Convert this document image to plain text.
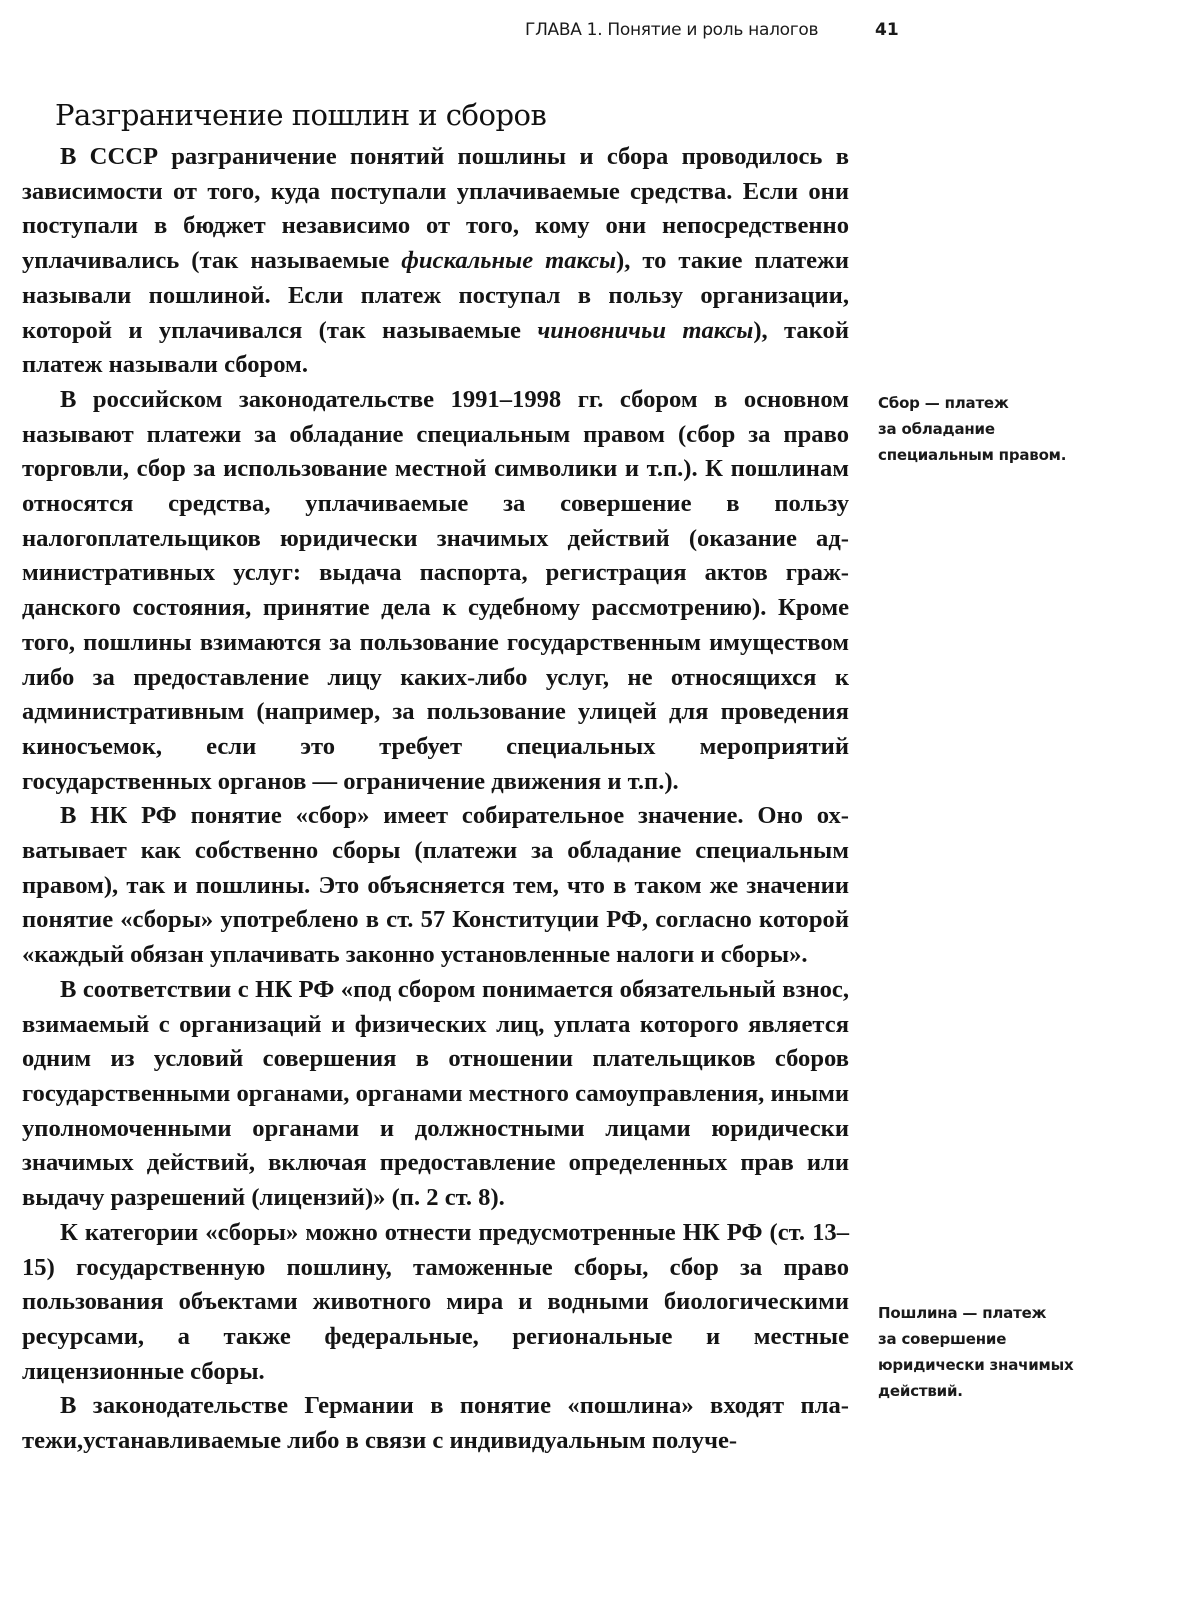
ГЛАВА 1. Понятие и роль налогов	41
Разграничение пошлин и сборов

В СССР разграничение понятий пошлины и сбора проводилось в зависимости от того, куда поступали уплачиваемые средства. Если они поступали в бюджет независимо от того, кому они непосредственно уплачивались (так называемые фискальные таксы), то такие платежи называли пошлиной. Если платеж поступал в пользу организации, которой и уплачивался (так называемые чиновничьи таксы), такой платеж называли сбором.

В российском законодательстве 1991–1998 гг. сбором в основном называют платежи за обладание специальным правом (сбор за право торговли, сбор за использование местной символики и т.п.). К пошлинам относятся средства, уплачиваемые за совершение в пользу налогоплательщиков юридически значимых действий (оказание административных услуг: выдача паспорта, регистрация актов гражданского состояния, принятие дела к судебному рассмотрению). Кроме того, пошлины взимаются за пользование государственным имуществом либо за предоставление лицу каких-либо услуг, не относящихся к административным (например, за пользование улицей для проведения киносъемок, если это требует специальных мероприятий государственных органов — ограничение движения и т.п.).

В НК РФ понятие «сбор» имеет собирательное значение. Оно охватывает как собственно сборы (платежи за обладание специальным правом), так и пошлины. Это объясняется тем, что в таком же значении понятие «сборы» употреблено в ст. 57 Конституции РФ, согласно которой «каждый обязан уплачивать законно установленные налоги и сборы».

В соответствии с НК РФ «под сбором понимается обязательный взнос, взимаемый с организаций и физических лиц, уплата которого является одним из условий совершения в отношении плательщиков сборов государственными органами, органами местного самоуправления, иными уполномоченными органами и должностными лицами юридически значимых действий, включая предоставление определенных прав или выдачу разрешений (лицензий)» (п. 2 ст. 8).

К категории «сборы» можно отнести предусмотренные НК РФ (ст. 13–15) государственную пошлину, таможенные сборы, сбор за право пользования объектами животного мира и водными биологическими ресурсами, а также федеральные, региональные и местные лицензионные сборы.

В законодательстве Германии в понятие «пошлина» входят платежи,устанавливаемые либо в связи с индивидуальным получе-

Сбор — платеж
за обладание
специальным правом.
Пошлина — платеж
за совершение
юридически значимых
действий.
